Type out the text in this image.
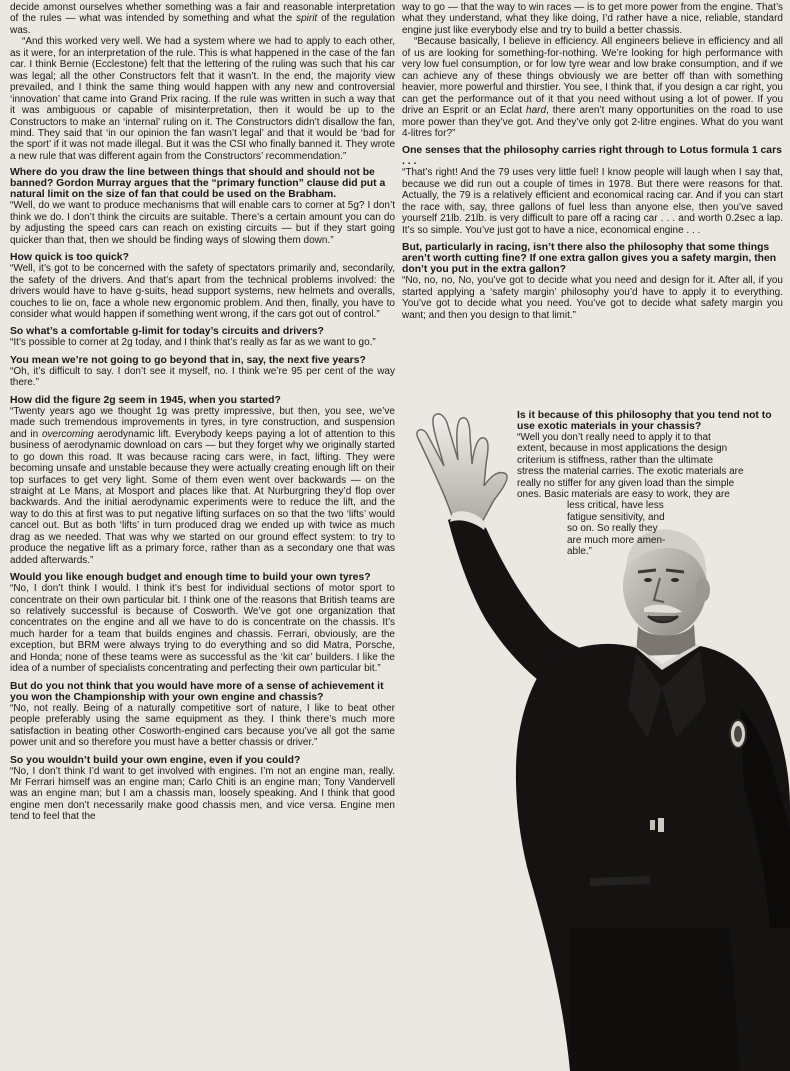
decide amonst ourselves whether something was a fair and reasonable interpretation of the rules — what was intended by something and what the spirit of the regulation was.

“And this worked very well. We had a system where we had to apply to each other, as it were, for an interpretation of the rule. This is what happened in the case of the fan car. I think Bernie (Ecclestone) felt that the lettering of the ruling was such that his car was legal; all the other Constructors felt that it wasn’t. In the end, the majority view prevailed, and I think the same thing would happen with any new and controversial ‘innovation’ that came into Grand Prix racing. If the rule was written in such a way that it was ambiguous or capable of misinterpretation, then it would be up to the Constructors to make an ‘internal’ ruling on it. The Constructors didn’t disallow the fan, mind. They said that ‘in our opinion the fan wasn’t legal’ and that it would be ‘bad for the sport’ if it was not made illegal. But it was the CSI who finally banned it. They wrote a new rule that was different again from the Constructors’ recommendation.”

Where do you draw the line between things that should and should not be banned? Gordon Murray argues that the “primary function” clause did put a natural limit on the size of fan that could be used on the Brabham.

“Well, do we want to produce mechanisms that will enable cars to corner at 5g? I don’t think we do. I don’t think the circuits are suitable. There’s a certain amount you can do by adjusting the speed cars can reach on existing circuits — but if they start going quicker than that, then we should be finding ways of slowing them down.”

How quick is too quick?

“Well, it’s got to be concerned with the safety of spectators primarily and, secondarily, the safety of the drivers. And that’s apart from the technical problems involved: the drivers would have to have g-suits, head support systems, new helmets and overalls, couches to lie on, face a whole new ergonomic problem. And then, finally, you have to consider what would happen if something went wrong, if the cars got out of control.”

So what’s a comfortable g-limit for today’s circuits and drivers?

“It’s possible to corner at 2g today, and I think that’s really as far as we want to go.”

You mean we’re not going to go beyond that in, say, the next five years?

“Oh, it’s difficult to say. I don’t see it myself, no. I think we’re 95 per cent of the way there.”

How did the figure 2g seem in 1945, when you started?

“Twenty years ago we thought 1g was pretty impressive, but then, you see, we’ve made such tremendous improvements in tyres, in tyre construction, and suspension and in overcoming aerodynamic lift. Everybody keeps paying a lot of attention to this business of aerodynamic download on cars — but they forget why we originally started to go down this road. It was because racing cars were, in fact, lifting. They were becoming unsafe and unstable because they were actually creating enough lift on their top surfaces to get very light. Some of them even went over backwards — on the straight at Le Mans, at Mosport and places like that. At Nurburgring they’d flop over backwards. And the initial aerodynamic experiments were to reduce the lift, and the way to do this at first was to put negative lifting surfaces on so that the two ‘lifts’ would cancel out. But as both ‘lifts’ in turn produced drag we ended up with twice as much drag as we needed. That was why we started on our ground effect system: to try to produce the negative lift as a primary force, rather than as a secondary one that was added afterwards.”

Would you like enough budget and enough time to build your own tyres?

“No, I don’t think I would. I think it’s best for individual sections of motor sport to concentrate on their own particular bit. I think one of the reasons that British teams are so relatively successful is because of Cosworth. We’ve got one organization that concentrates on the engine and all we have to do is concentrate on the chassis. It’s much harder for a team that builds engines and chassis. Ferrari, obviously, are the exception, but BRM were always trying to do everything and so did Matra, Porsche, and Honda; none of these teams were as successful as the ‘kit car’ builders. I like the idea of a number of specialists concentrating and perfecting their own particular bit.”

But do you not think that you would have more of a sense of achievement it you won the Championship with your own engine and chassis?

“No, not really. Being of a naturally competitive sort of nature, I like to beat other people preferably using the same equipment as they. I think there’s much more satisfaction in beating other Cosworth-engined cars because you’ve all got the same power unit and so therefore you must have a better chassis or driver.”

So you wouldn’t build your own engine, even if you could?

“No, I don’t think I’d want to get involved with engines. I’m not an engine man, really. Mr Ferrari himself was an engine man; Carlo Chiti is an engine man; Tony Vandervell was an engine man; but I am a chassis man, loosely speaking. And I think that good engine men don’t necessarily make good chassis men, and vice versa. Engine men tend to feel that the

way to go — that the way to win races — is to get more power from the engine. That’s what they understand, what they like doing, I’d rather have a nice, reliable, standard engine just like everybody else and try to build a better chassis.

“Because basically, I believe in efficiency. All engineers believe in efficiency and all of us are looking for something-for-nothing. We’re looking for high performance with very low fuel consumption, or for low tyre wear and low brake consumption, and if we can achieve any of these things obviously we are better off than with something heavier, more powerful and thirstier. You see, I think that, if you design a car right, you can get the performance out of it that you need without using a lot of power. If you drive an Esprit or an Eclat hard, there aren’t many opportunities on the road to use more power than they’ve got. And they’ve only got 2-litre engines. What do you want 4-litres for?”

One senses that the philosophy carries right through to Lotus formula 1 cars . . .

“That’s right! And the 79 uses very little fuel! I know people will laugh when I say that, because we did run out a couple of times in 1978. But there were reasons for that. Actually, the 79 is a relatively efficient and economical racing car. And if you can start the race with, say, three gallons of fuel less than anyone else, then you’ve saved yourself 21lb. 21lb. is very difficult to pare off a racing car . . . and worth 0.2sec a lap. It’s so simple. You’ve just got to have a nice, economical engine . . .

But, particularly in racing, isn’t there also the philosophy that some things aren’t worth cutting fine? If one extra gallon gives you a safety margin, then don’t you put in the extra gallon?

“No, no, no, No, you’ve got to decide what you need and design for it. After all, if you started applying a ‘safety margin’ philosophy you’d have to apply it to everything. You’ve got to decide what you need. You’ve got to decide what safety margin you want; and then you design to that limit.”

Is it because of this philosophy that you tend not to use exotic materials in your chassis?

“Well you don’t really need to apply it to that
extent, because in most applications the design
criterium is stiffness, rather than the ultimate
stress the material carries. The exotic materials are
really no stiffer for any given load than the simple
ones. Basic materials are easy to work, they are
less critical, have less
fatigue sensitivity, and
so on. So really they
are much more amen-
able.”
